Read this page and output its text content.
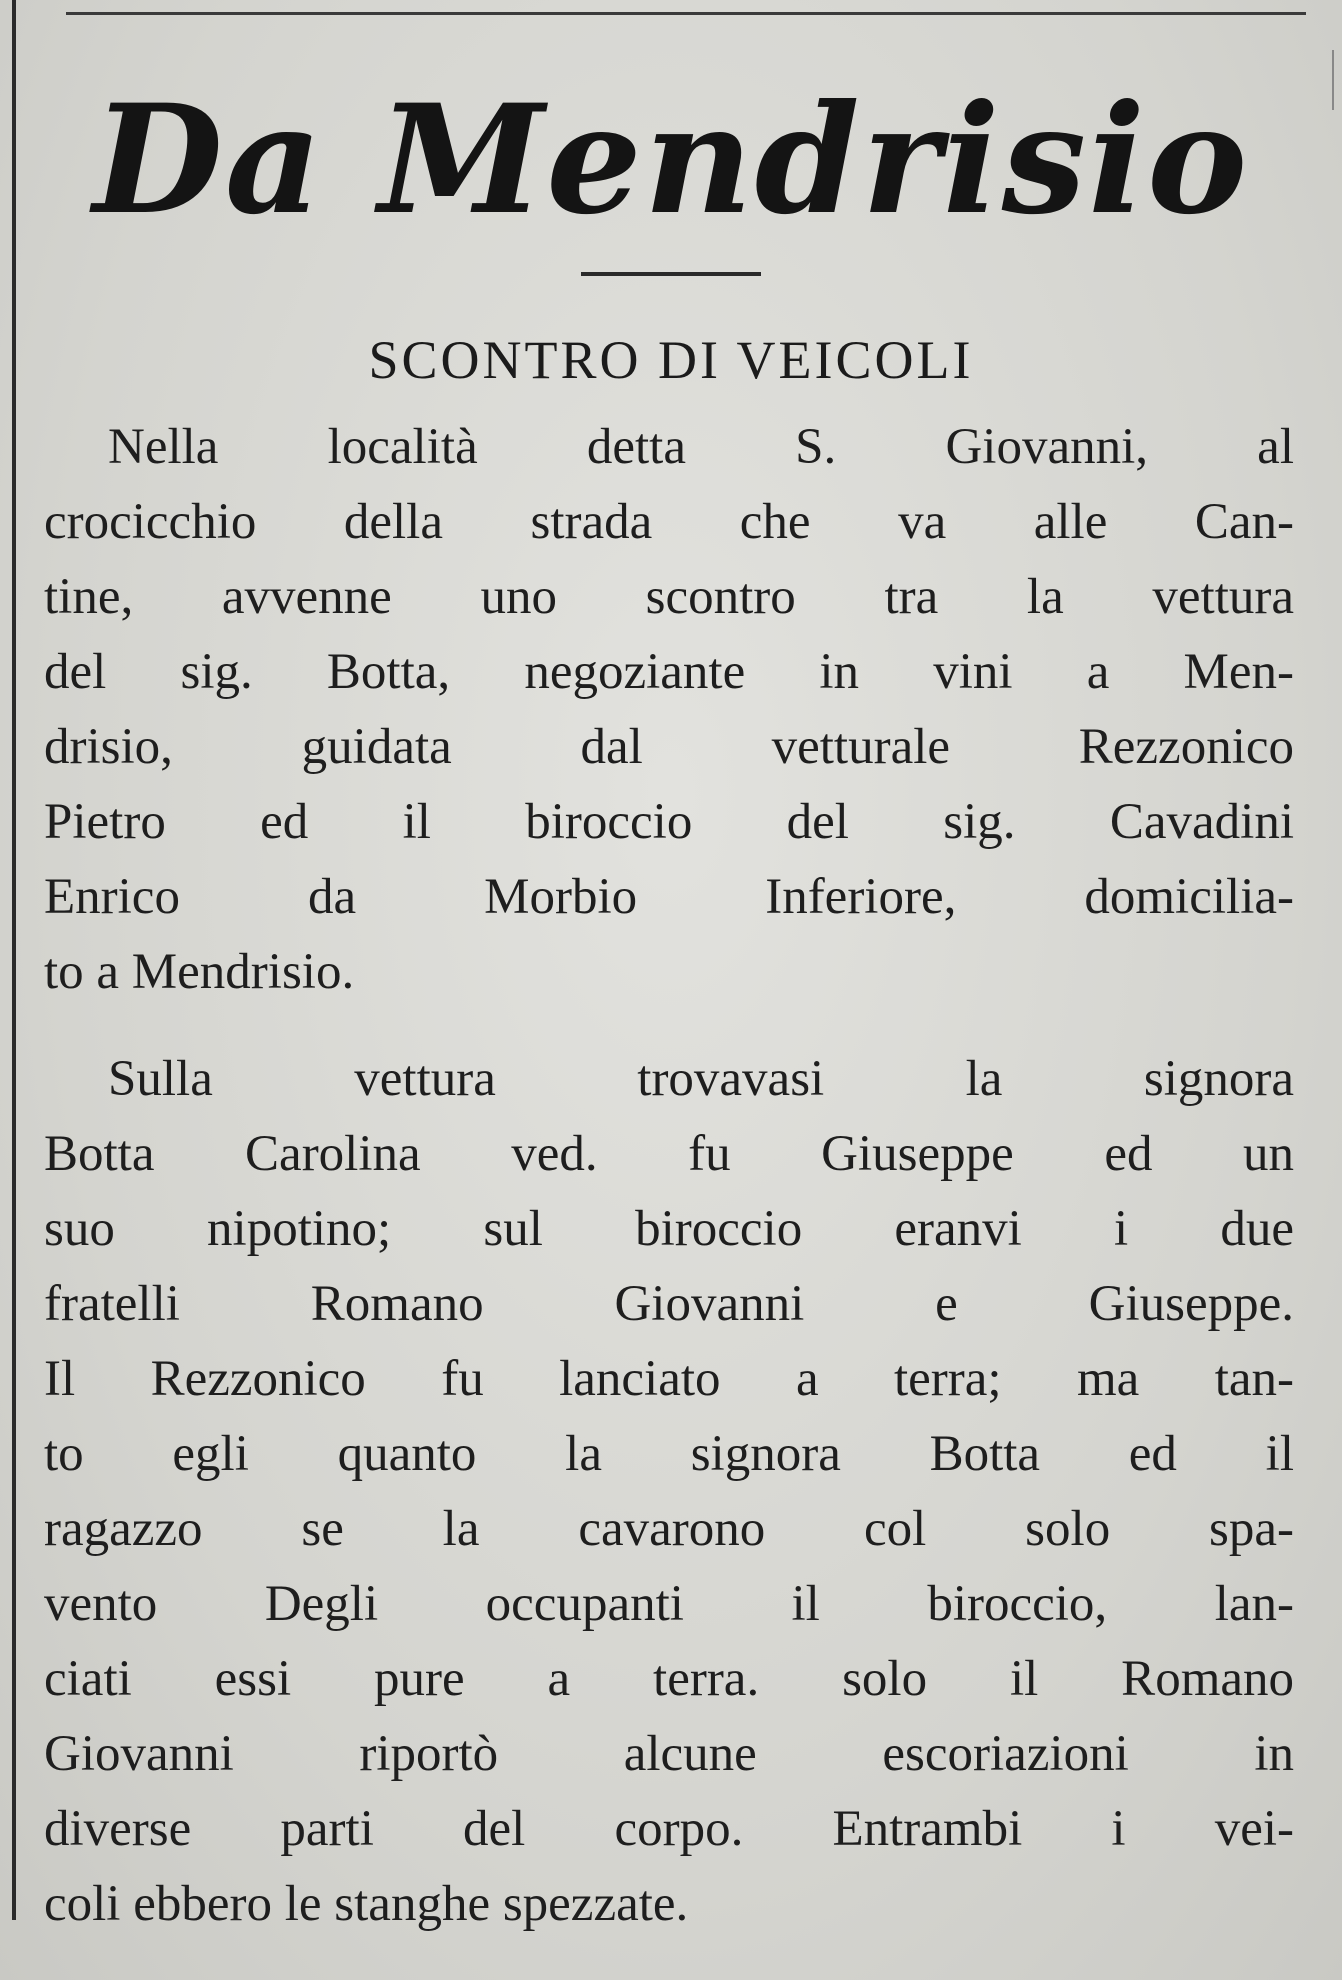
Da Mendrisio
SCONTRO DI VEICOLI
Nella località detta S. Giovanni, al
crocicchio della strada che va alle Can-
tine, avvenne uno scontro tra la vettura
del sig. Botta, negoziante in vini a Men-
drisio, guidata dal vetturale Rezzonico
Pietro ed il biroccio del sig. Cavadini
Enrico da Morbio Inferiore, domicilia-
to a Mendrisio.
Sulla vettura trovavasi la signora
Botta Carolina ved. fu Giuseppe ed un
suo nipotino; sul biroccio eranvi i due
fratelli Romano Giovanni e Giuseppe.
Il Rezzonico fu lanciato a terra; ma tan-
to egli quanto la signora Botta ed il
ragazzo se la cavarono col solo spa-
vento Degli occupanti il biroccio, lan-
ciati essi pure a terra. solo il Romano
Giovanni riportò alcune escoriazioni in
diverse parti del corpo. Entrambi i vei-
coli ebbero le stanghe spezzate.
